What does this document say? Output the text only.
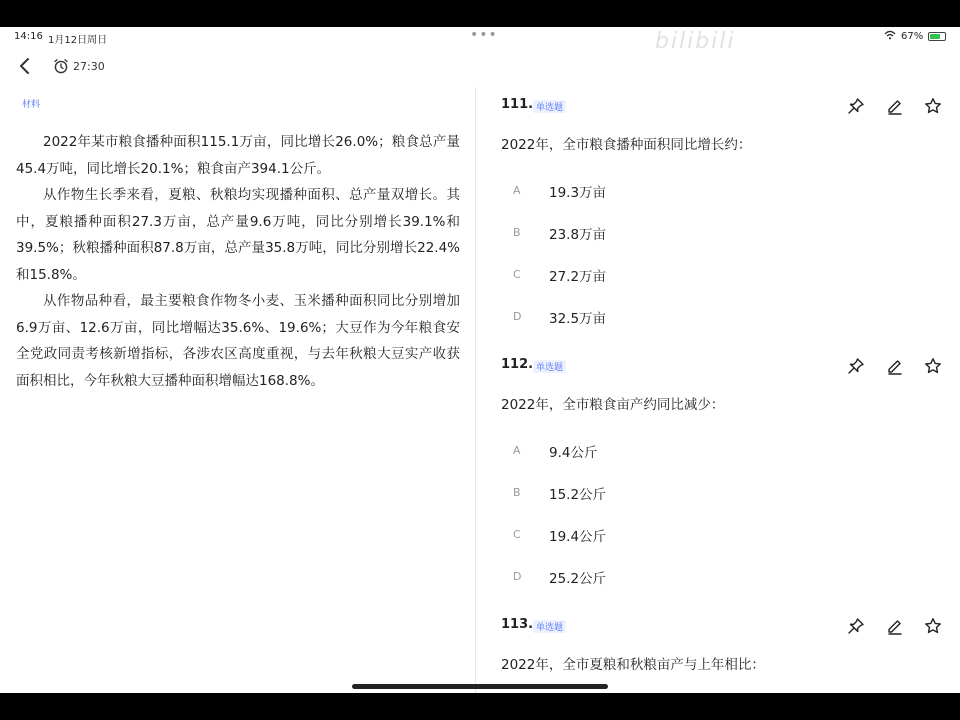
14:16 1月12日周日	•••	bilibili	67%
27:30
材料

2022年某市粮食播种面积115.1万亩，同比增长26.0%；粮食总产量45.4万吨，同比增长20.1%；粮食亩产394.1公斤。

从作物生长季来看，夏粮、秋粮均实现播种面积、总产量双增长。其中，夏粮播种面积27.3万亩，总产量9.6万吨，同比分别增长39.1%和39.5%；秋粮播种面积87.8万亩，总产量35.8万吨，同比分别增长22.4%和15.8%。

从作物品种看，最主要粮食作物冬小麦、玉米播种面积同比分别增加6.9万亩、12.6万亩，同比增幅达35.6%、19.6%；大豆作为今年粮食安全党政同责考核新增指标，各涉农区高度重视，与去年秋粮大豆实产收获面积相比，今年秋粮大豆播种面积增幅达168.8%。

111. 单选题
2022年，全市粮食播种面积同比增长约：
A 19.3万亩
B 23.8万亩
C 27.2万亩
D 32.5万亩
112. 单选题
2022年，全市粮食亩产约同比减少：
A 9.4公斤
B 15.2公斤
C 19.4公斤
D 25.2公斤
113. 单选题
2022年，全市夏粮和秋粮亩产与上年相比：
